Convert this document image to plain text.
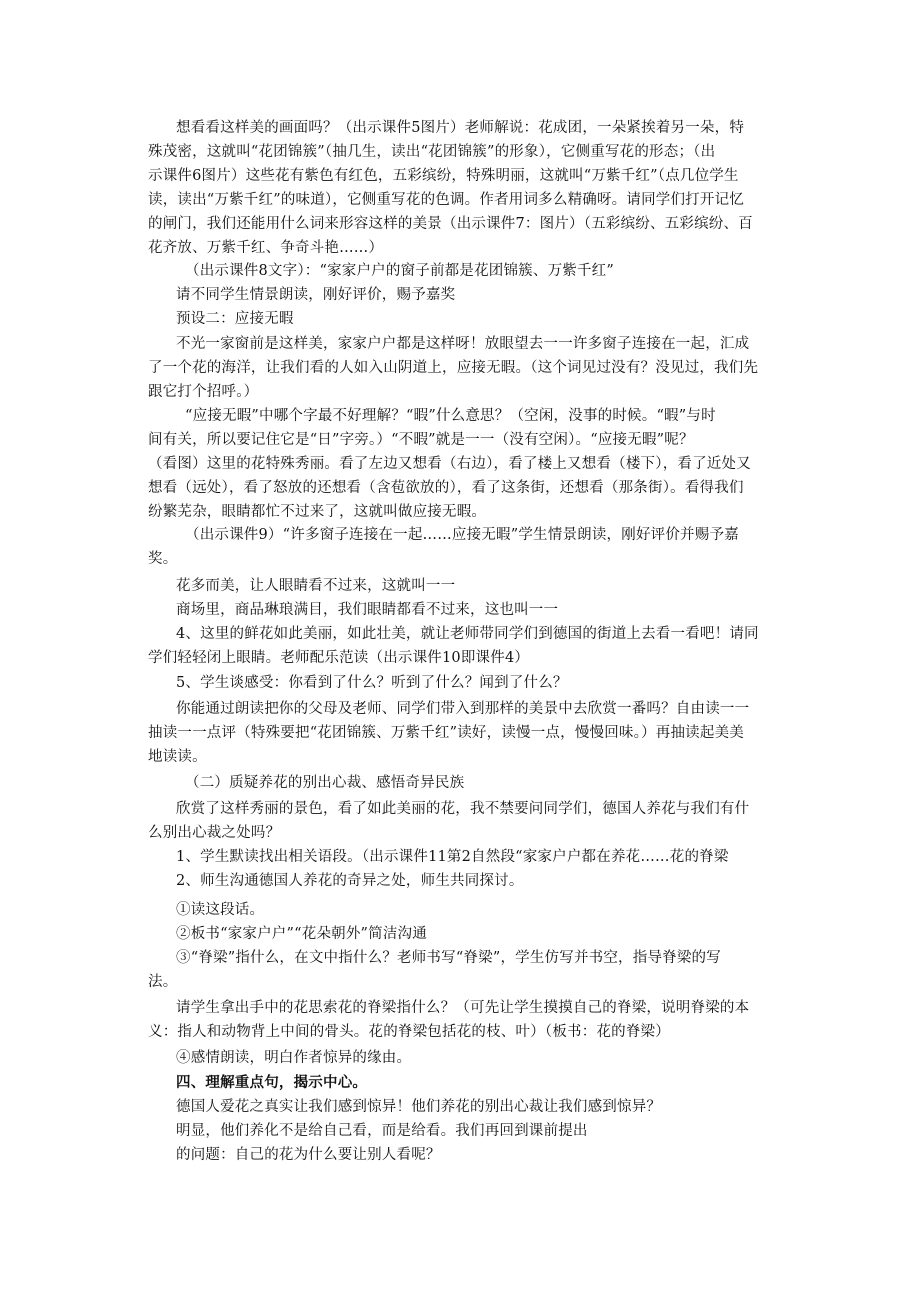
想看看这样美的画面吗？（出示课件5图片）老师解说：花成团，一朵紧挨着另一朵，特
殊茂密，这就叫“花团锦簇”（抽几生，读出“花团锦簇”的形象），它侧重写花的形态；（出
示课件6图片）这些花有紫色有红色，五彩缤纷，特殊明丽，这就叫“万紫千红”（点几位学生
读，读出“万紫千红”的味道），它侧重写花的色调。作者用词多么精确呀。请同学们打开记忆
的闸门，我们还能用什么词来形容这样的美景（出示课件7：图片）（五彩缤纷、五彩缤纷、百
花齐放、万紫千红、争奇斗艳……）
（出示课件8文字）：“家家户户的窗子前都是花团锦簇、万紫千红”
请不同学生情景朗读，刚好评价，赐予嘉奖
预设二：应接无暇
不光一家窗前是这样美，家家户户都是这样呀！放眼望去一一许多窗子连接在一起，汇成
了一个花的海洋，让我们看的人如入山阴道上，应接无暇。（这个词见过没有？没见过，我们先
跟它打个招呼。）
“应接无暇”中哪个字最不好理解？“暇”什么意思？（空闲，没事的时候。“暇”与时
间有关，所以要记住它是“日”字旁。）“不暇”就是一一（没有空闲）。“应接无暇”呢？
（看图）这里的花特殊秀丽。看了左边又想看（右边），看了楼上又想看（楼下），看了近处又
想看（远处），看了怒放的还想看（含苞欲放的），看了这条街，还想看（那条街）。看得我们
纷繁芜杂，眼睛都忙不过来了，这就叫做应接无暇。
（出示课件9）“许多窗子连接在一起……应接无暇”学生情景朗读，刚好评价并赐予嘉
奖。
花多而美，让人眼睛看不过来，这就叫一一
商场里，商品琳琅满目，我们眼睛都看不过来，这也叫一一
4、这里的鲜花如此美丽，如此壮美，就让老师带同学们到德国的街道上去看一看吧！请同
学们轻轻闭上眼睛。老师配乐范读（出示课件10即课件4）
5、学生谈感受：你看到了什么？听到了什么？闻到了什么？
你能通过朗读把你的父母及老师、同学们带入到那样的美景中去欣赏一番吗？自由读一一
抽读一一点评（特殊要把“花团锦簇、万紫千红”读好，读慢一点，慢慢回味。）再抽读起美美
地读读。
（二）质疑养花的别出心裁、感悟奇异民族
欣赏了这样秀丽的景色，看了如此美丽的花，我不禁要问同学们，德国人养花与我们有什
么别出心裁之处吗？
1、学生默读找出相关语段。（出示课件11第2自然段“家家户户都在养花……花的脊梁
2、师生沟通德国人养花的奇异之处，师生共同探讨。
①读这段话。
②板书“家家户户”“花朵朝外”简洁沟通
③“脊梁”指什么，在文中指什么？老师书写“脊梁”，学生仿写并书空，指导脊梁的写
法。
请学生拿出手中的花思索花的脊梁指什么？（可先让学生摸摸自己的脊梁，说明脊梁的本
义：指人和动物背上中间的骨头。花的脊梁包括花的枝、叶）（板书：花的脊梁）
④感情朗读，明白作者惊异的缘由。
四、理解重点句，揭示中心。
德国人爱花之真实让我们感到惊异！他们养花的别出心裁让我们感到惊异？
明显，他们养化不是给自己看，而是给看。我们再回到课前提出
的问题：自己的花为什么要让别人看呢？
